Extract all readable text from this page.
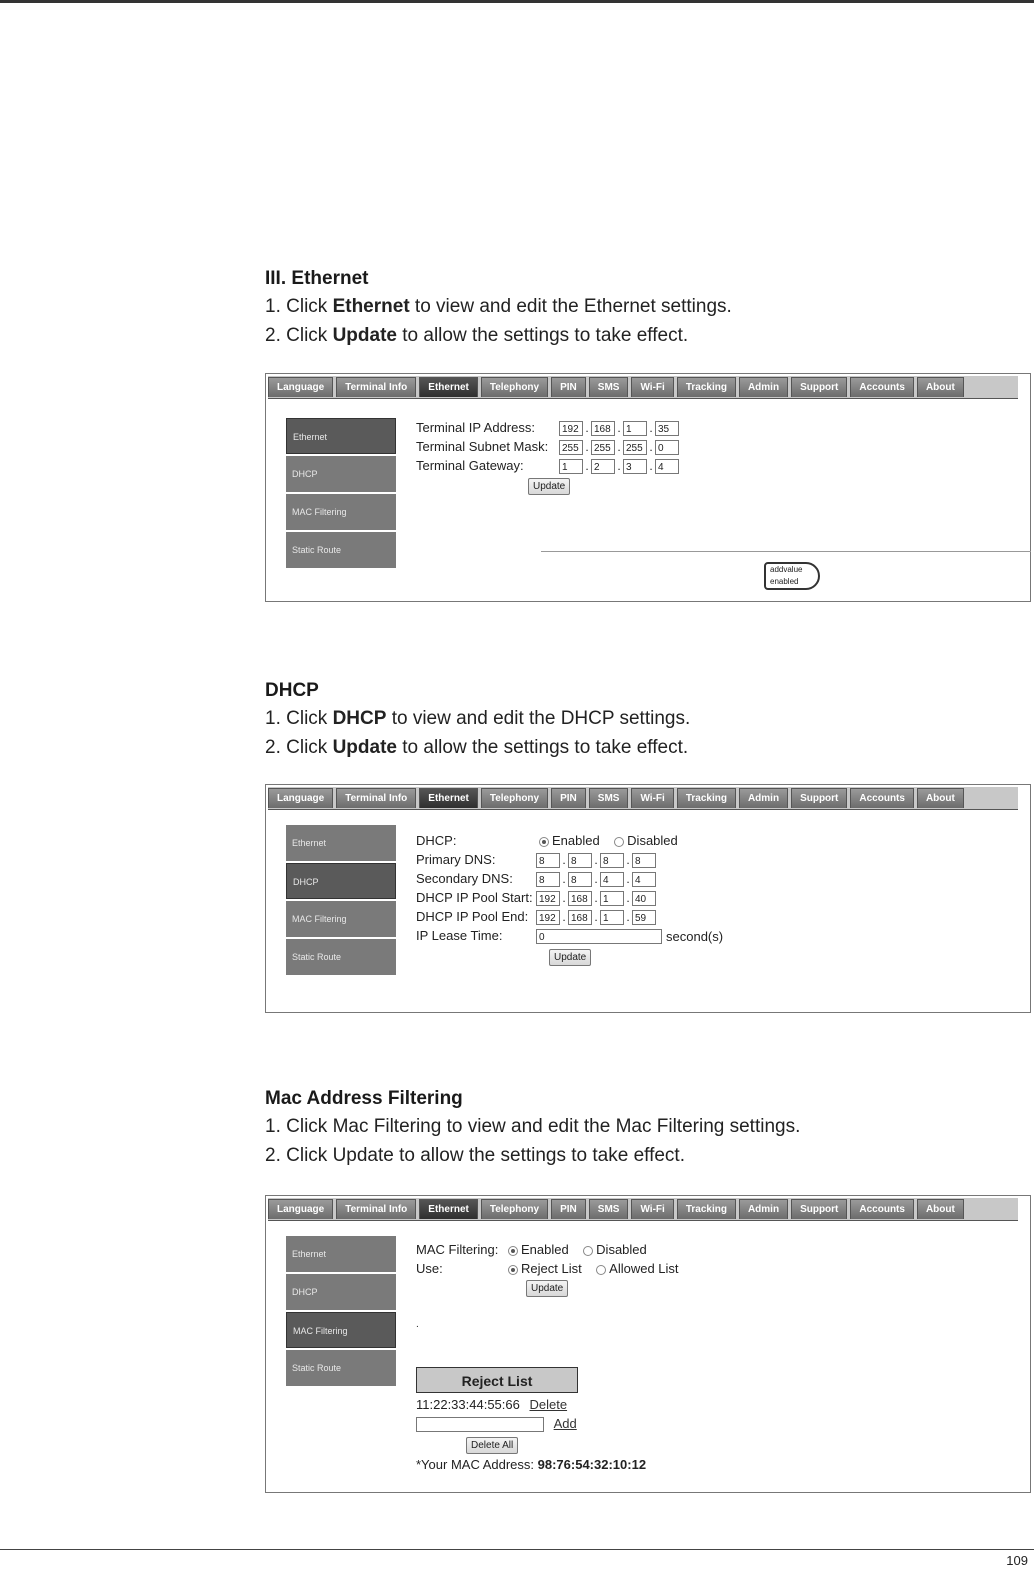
III. Ethernet
1. Click Ethernet to view and edit the Ethernet settings.
2. Click Update to allow the settings to take effect.
Language	Terminal Info	Ethernet	Telephony	PIN	SMS	Wi-Fi	Tracking	Admin	Support	Accounts	About
Ethernet
DHCP
MAC Filtering
Static Route
Terminal IP Address:	192 . 168 . 1	. 35
Terminal Subnet Mask:	255 . 255 . 255 . 0
Terminal Gateway:	1	. 2	. 3	. 4
Update
addvalue
enabled
DHCP
1. Click DHCP to view and edit the DHCP settings.
2. Click Update to allow the settings to take effect.
Language	Terminal Info	Ethernet	Telephony	PIN	SMS	Wi-Fi	Tracking	Admin	Support	Accounts	About
Ethernet
DHCP
MAC Filtering
Static Route
DHCP:	Enabled Disabled
Primary DNS:	8	. 8	. 8	. 8
Secondary DNS:	8	. 8	. 4	. 4
DHCP IP Pool Start: 192 . 168 . 1	. 40
DHCP IP Pool End:	192 . 168 . 1	. 59
IP Lease Time:	0	second(s)
Update
Mac Address Filtering
1. Click Mac Filtering to view and edit the Mac Filtering settings.
2. Click Update to allow the settings to take effect.
Language	Terminal Info	Ethernet	Telephony	PIN	SMS	Wi-Fi	Tracking	Admin	Support	Accounts	About
Ethernet
DHCP
MAC Filtering
Static Route
MAC Filtering:	Enabled Disabled
Use:	Reject List Allowed List
Update
.
Reject List
11:22:33:44:55:66 Delete
Add
Delete All
*Your MAC Address: 98:76:54:32:10:12
109
